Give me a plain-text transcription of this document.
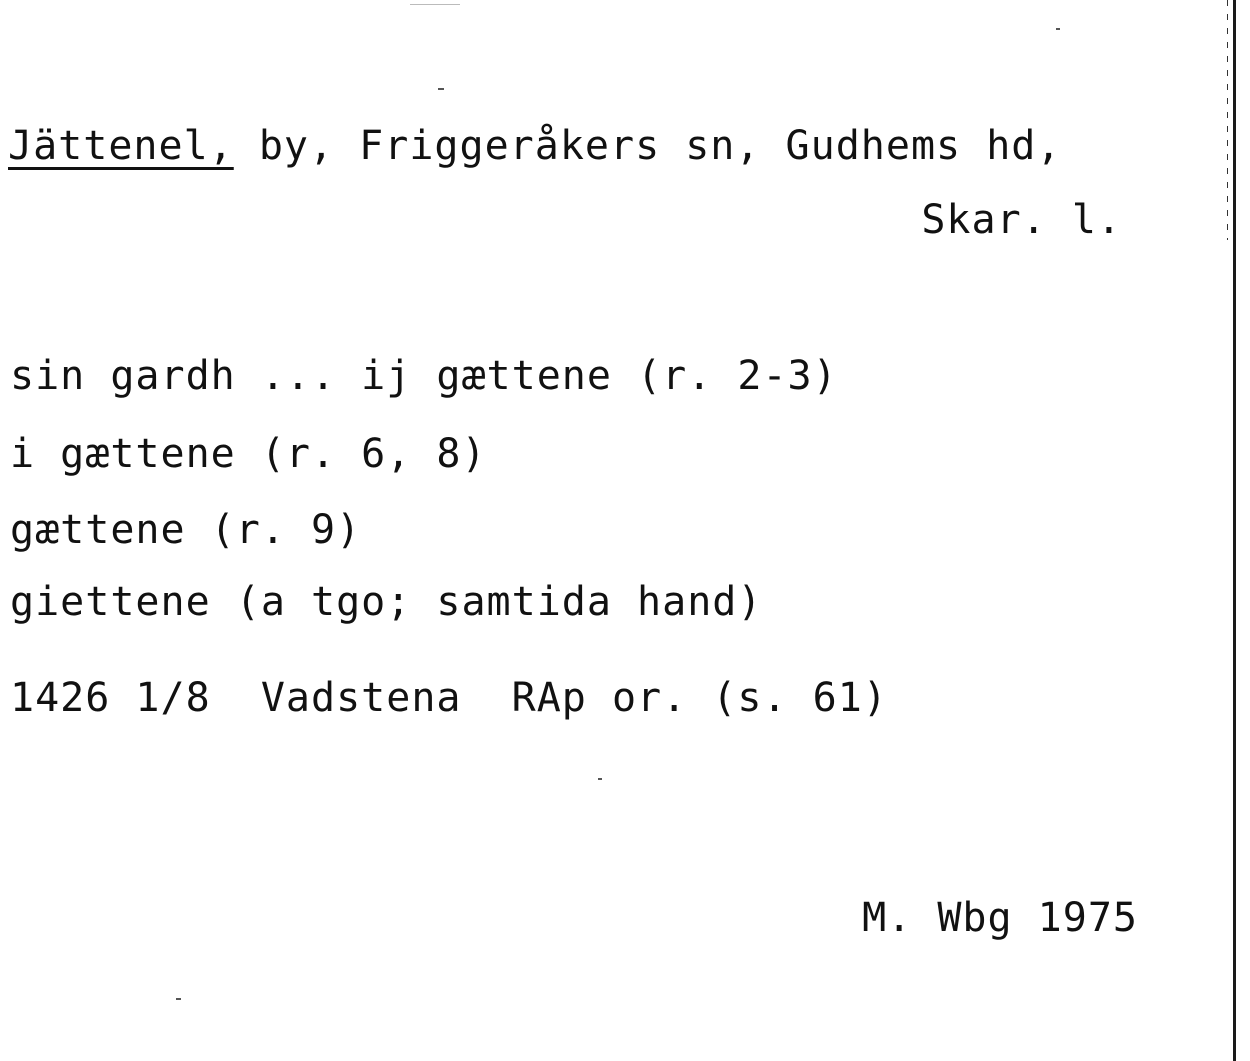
Jättenel, by, Friggeråkers sn, Gudhems hd,
Skar. l.
sin gardh ... ij gættene (r. 2-3)
i gættene (r. 6, 8)
gættene (r. 9)
giettene (a tgo; samtida hand)
1426 1/8  Vadstena  RAp or. (s. 61)
M. Wbg 1975
